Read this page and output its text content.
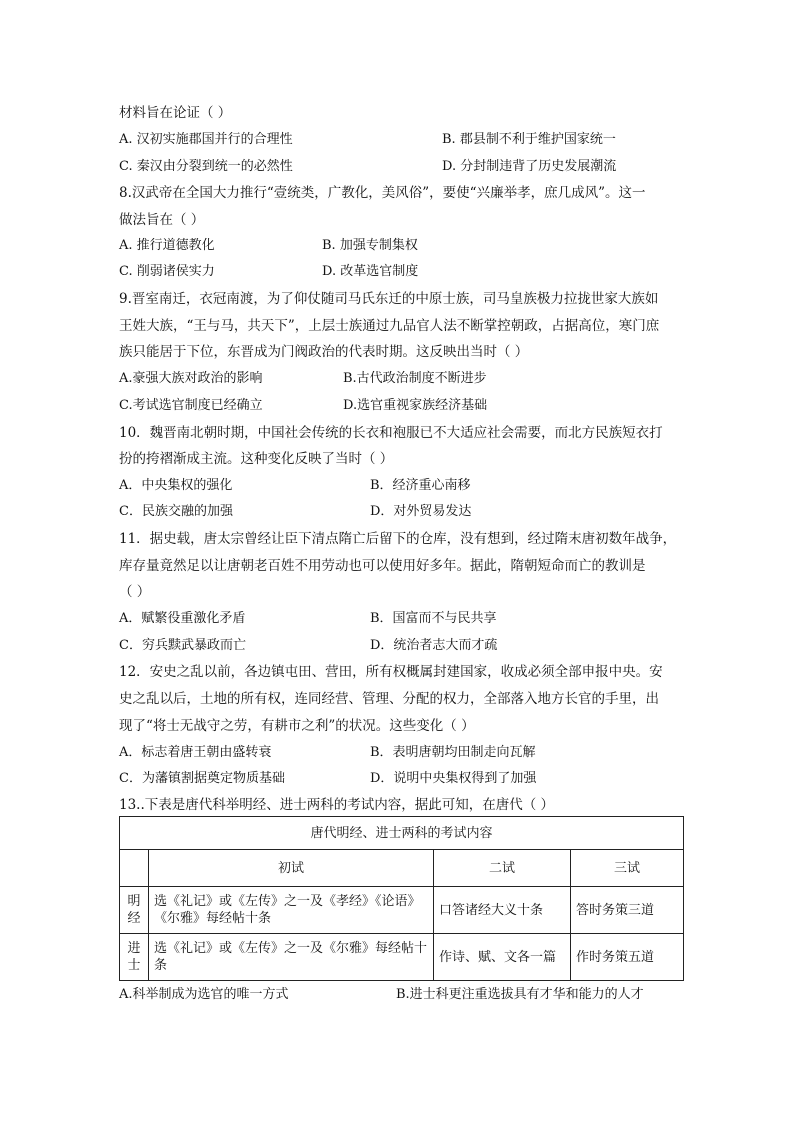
材料旨在论证（ ）
A. 汉初实施郡国并行的合理性	B. 郡县制不利于维护国家统一
C. 秦汉由分裂到统一的必然性	D. 分封制违背了历史发展潮流
8.汉武帝在全国大力推行“壹统类，广教化，美风俗”，要使“兴廉举孝，庶几成风”。这一
做法旨在（ ）
A. 推行道德教化	B. 加强专制集权
C. 削弱诸侯实力	D. 改革选官制度
9.晋室南迁，衣冠南渡，为了仰仗随司马氏东迁的中原士族，司马皇族极力拉拢世家大族如
王姓大族，“王与马，共天下”，上层士族通过九品官人法不断掌控朝政，占据高位，寒门庶
族只能居于下位，东晋成为门阀政治的代表时期。这反映出当时（ ）
A.豪强大族对政治的影响	B.古代政治制度不断进步
C.考试选官制度已经确立	D.选官重视家族经济基础
10．魏晋南北朝时期，中国社会传统的长衣和袍服已不大适应社会需要，而北方民族短衣打
扮的挎褶渐成主流。这种变化反映了当时（ ）
A．中央集权的强化	B．经济重心南移
C．民族交融的加强	D．对外贸易发达
11．据史载，唐太宗曾经让臣下清点隋亡后留下的仓库，没有想到，经过隋末唐初数年战争，
库存量竟然足以让唐朝老百姓不用劳动也可以使用好多年。据此，隋朝短命而亡的教训是
（ ）
A．赋繁役重激化矛盾	B．国富而不与民共享
C．穷兵黩武暴政而亡	D．统治者志大而才疏
12．安史之乱以前，各边镇屯田、营田，所有权概属封建国家，收成必须全部申报中央。安
史之乱以后，土地的所有权，连同经营、管理、分配的权力，全部落入地方长官的手里，出
现了“将士无战守之劳，有耕市之利”的状况。这些变化（ ）
A．标志着唐王朝由盛转衰	B．表明唐朝均田制走向瓦解
C．为藩镇割据奠定物质基础	D．说明中央集权得到了加强
13..下表是唐代科举明经、进士两科的考试内容，据此可知，在唐代（ ）
唐代明经、进士两科的考试内容			
	初试	二试	三试
明经	选《礼记》或《左传》之一及《孝经》《论语》《尔雅》每经帖十条	口答诸经大义十条	答时务策三道
进士	选《礼记》或《左传》之一及《尔雅》每经帖十条	作诗、赋、文各一篇	作时务策五道
A.科举制成为选官的唯一方式	B.进士科更注重选拔具有才华和能力的人才
